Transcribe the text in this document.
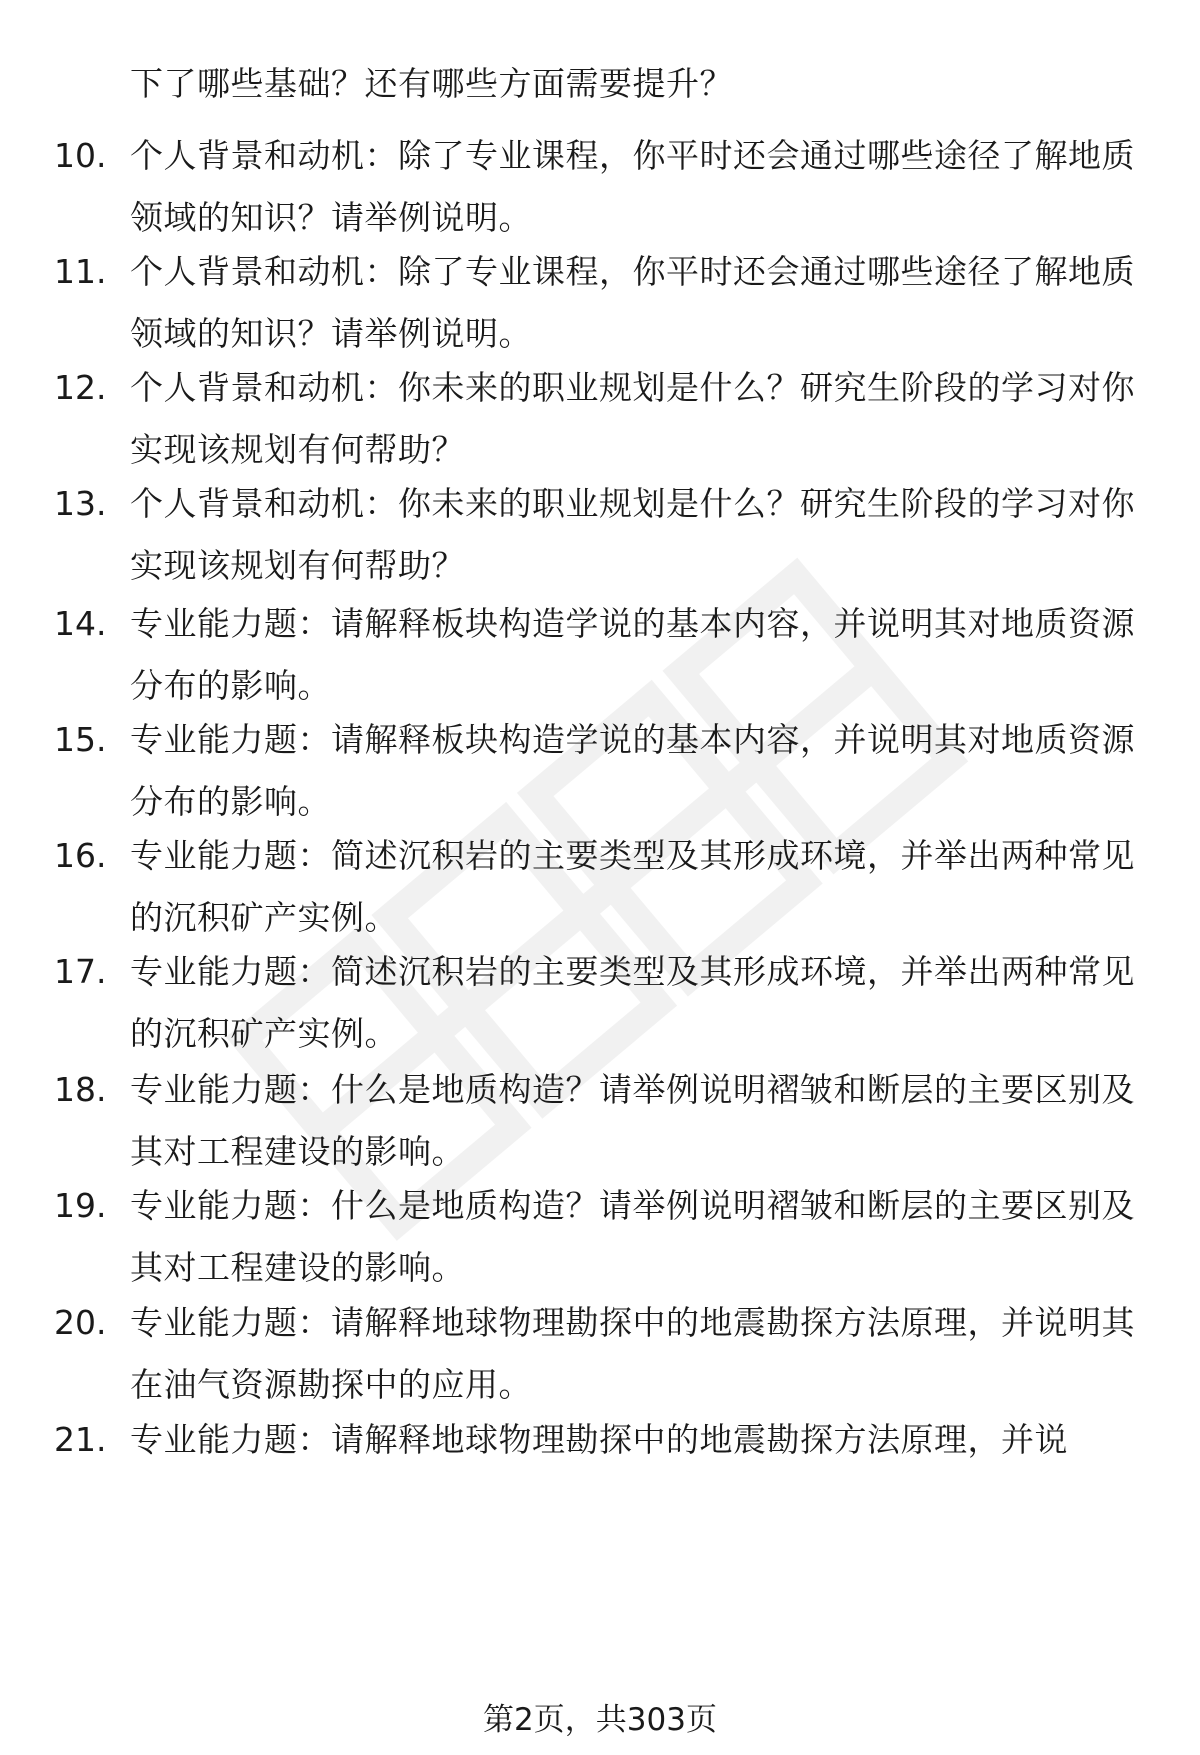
下了哪些基础？还有哪些方面需要提升？
10. 个人背景和动机：除了专业课程，你平时还会通过哪些途径了解地质领域的知识？请举例说明。
11. 个人背景和动机：除了专业课程，你平时还会通过哪些途径了解地质领域的知识？请举例说明。
12. 个人背景和动机：你未来的职业规划是什么？研究生阶段的学习对你实现该规划有何帮助？
13. 个人背景和动机：你未来的职业规划是什么？研究生阶段的学习对你实现该规划有何帮助？
14. 专业能力题：请解释板块构造学说的基本内容，并说明其对地质资源分布的影响。
15. 专业能力题：请解释板块构造学说的基本内容，并说明其对地质资源分布的影响。
16. 专业能力题：简述沉积岩的主要类型及其形成环境，并举出两种常见的沉积矿产实例。
17. 专业能力题：简述沉积岩的主要类型及其形成环境，并举出两种常见的沉积矿产实例。
18. 专业能力题：什么是地质构造？请举例说明褶皱和断层的主要区别及其对工程建设的影响。
19. 专业能力题：什么是地质构造？请举例说明褶皱和断层的主要区别及其对工程建设的影响。
20. 专业能力题：请解释地球物理勘探中的地震勘探方法原理，并说明其在油气资源勘探中的应用。
21. 专业能力题：请解释地球物理勘探中的地震勘探方法原理，并说
第2页，共303页
